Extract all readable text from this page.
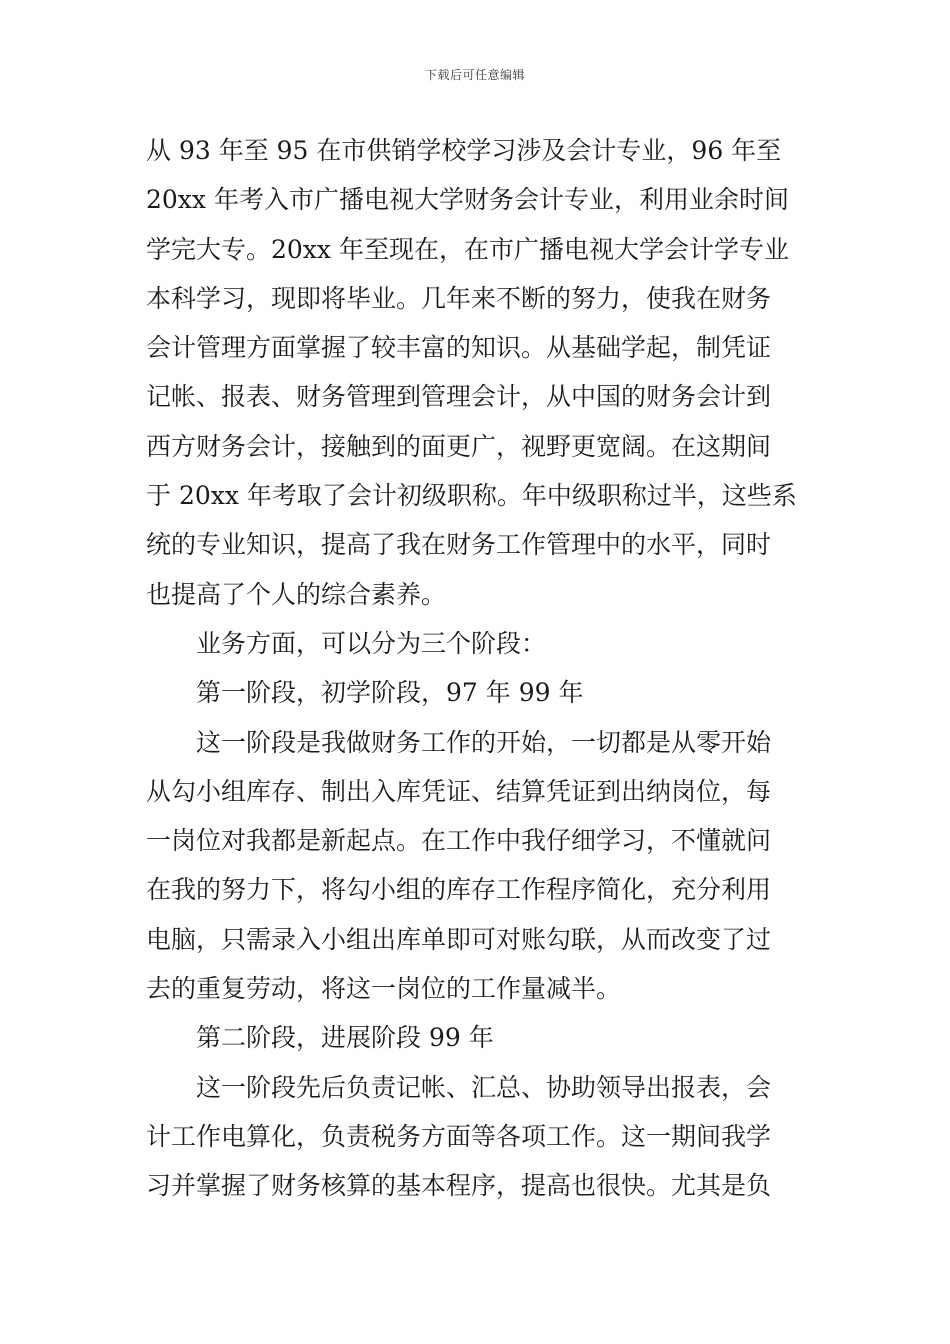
下载后可任意编辑
从 93 年至 95 在市供销学校学习涉及会计专业，96 年至
20xx 年考入市广播电视大学财务会计专业，利用业余时间
学完大专。20xx 年至现在，在市广播电视大学会计学专业
本科学习，现即将毕业。几年来不断的努力，使我在财务
会计管理方面掌握了较丰富的知识。从基础学起，制凭证
记帐、报表、财务管理到管理会计，从中国的财务会计到
西方财务会计，接触到的面更广，视野更宽阔。在这期间
于 20xx 年考取了会计初级职称。年中级职称过半，这些系
统的专业知识，提高了我在财务工作管理中的水平，同时
也提高了个人的综合素养。
业务方面，可以分为三个阶段：
第一阶段，初学阶段，97 年 99 年
这一阶段是我做财务工作的开始，一切都是从零开始
从勾小组库存、制出入库凭证、结算凭证到出纳岗位，每
一岗位对我都是新起点。在工作中我仔细学习，不懂就问
在我的努力下，将勾小组的库存工作程序简化，充分利用
电脑，只需录入小组出库单即可对账勾联，从而改变了过
去的重复劳动，将这一岗位的工作量减半。
第二阶段，进展阶段 99 年
这一阶段先后负责记帐、汇总、协助领导出报表，会
计工作电算化，负责税务方面等各项工作。这一期间我学
习并掌握了财务核算的基本程序，提高也很快。尤其是负
